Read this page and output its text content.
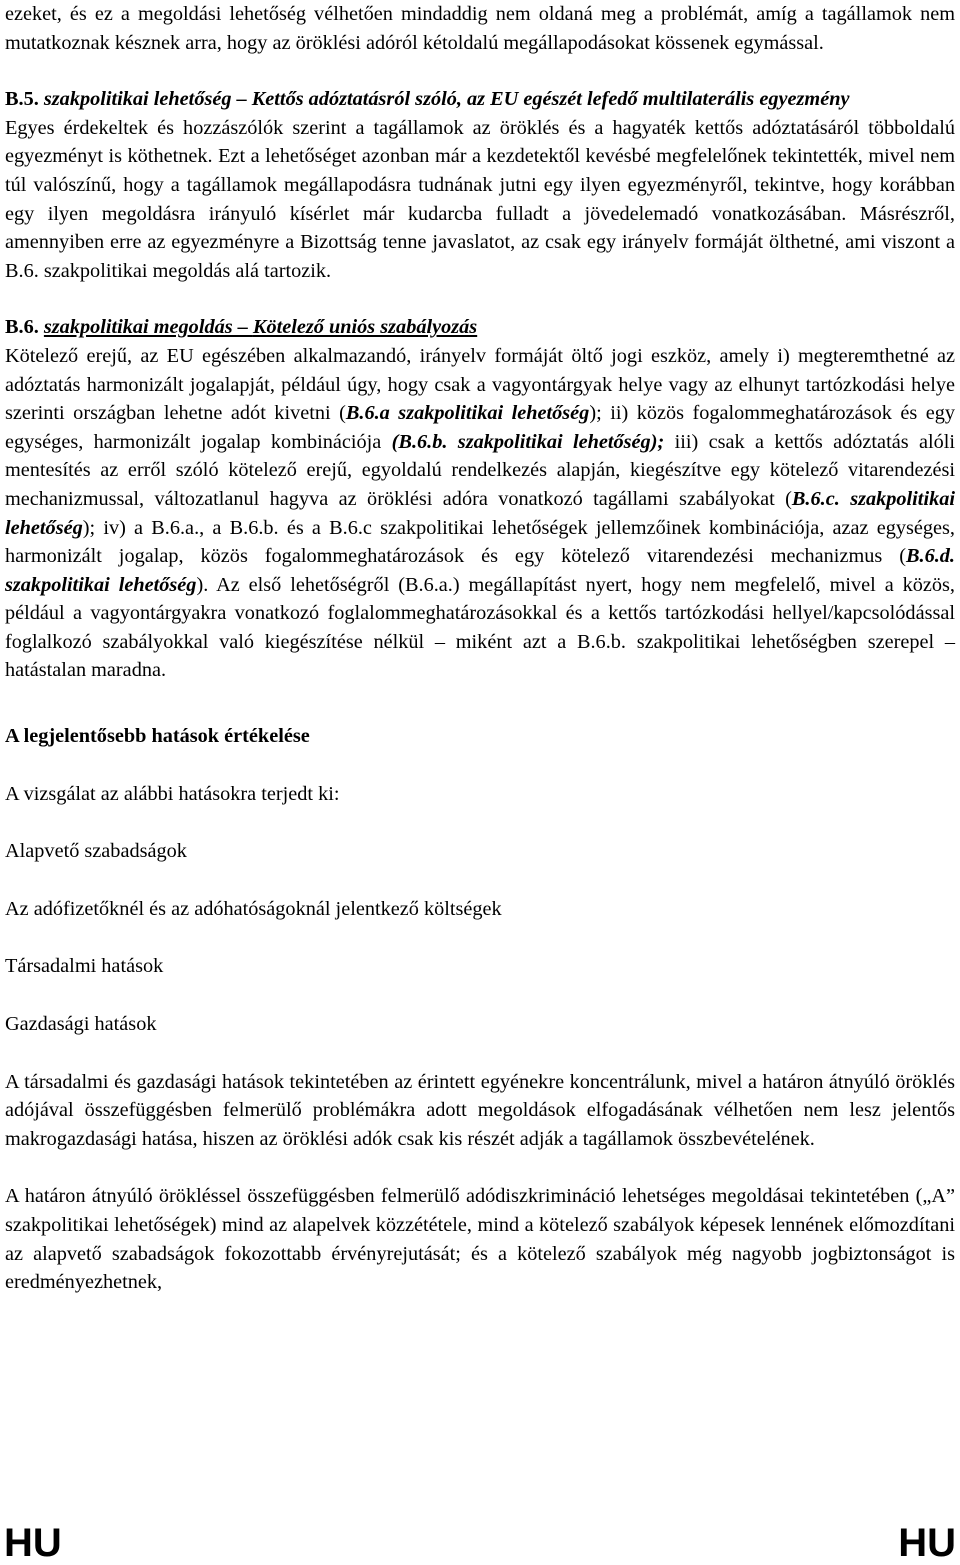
ezeket, és ez a megoldási lehetőség vélhetően mindaddig nem oldaná meg a problémát, amíg a tagállamok nem mutatkoznak késznek arra, hogy az öröklési adóról kétoldalú megállapodásokat kössenek egymással.

B.5. szakpolitikai lehetőség – Kettős adóztatásról szóló, az EU egészét lefedő multilaterális egyezmény

Egyes érdekeltek és hozzászólók szerint a tagállamok az öröklés és a hagyaték kettős adóztatásáról többoldalú egyezményt is köthetnek. Ezt a lehetőséget azonban már a kezdetektől kevésbé megfelelőnek tekintették, mivel nem túl valószínű, hogy a tagállamok megállapodásra tudnának jutni egy ilyen egyezményről, tekintve, hogy korábban egy ilyen megoldásra irányuló kísérlet már kudarcba fulladt a jövedelemadó vonatkozásában. Másrészről, amennyiben erre az egyezményre a Bizottság tenne javaslatot, az csak egy irányelv formáját ölthetné, ami viszont a B.6. szakpolitikai megoldás alá tartozik.

B.6. szakpolitikai megoldás – Kötelező uniós szabályozás

Kötelező erejű, az EU egészében alkalmazandó, irányelv formáját öltő jogi eszköz, amely i) megteremthetné az adóztatás harmonizált jogalapját, például úgy, hogy csak a vagyontárgyak helye vagy az elhunyt tartózkodási helye szerinti országban lehetne adót kivetni (B.6.a szakpolitikai lehetőség); ii) közös fogalommeghatározások és egy egységes, harmonizált jogalap kombinációja (B.6.b. szakpolitikai lehetőség); iii) csak a kettős adóztatás alóli mentesítés az erről szóló kötelező erejű, egyoldalú rendelkezés alapján, kiegészítve egy kötelező vitarendezési mechanizmussal, változatlanul hagyva az öröklési adóra vonatkozó tagállami szabályokat (B.6.c. szakpolitikai lehetőség); iv) a B.6.a., a B.6.b. és a B.6.c szakpolitikai lehetőségek jellemzőinek kombinációja, azaz egységes, harmonizált jogalap, közös fogalommeghatározások és egy kötelező vitarendezési mechanizmus (B.6.d. szakpolitikai lehetőség). Az első lehetőségről (B.6.a.) megállapítást nyert, hogy nem megfelelő, mivel a közös, például a vagyontárgyakra vonatkozó foglalommeghatározásokkal és a kettős tartózkodási hellyel/kapcsolódással foglalkozó szabályokkal való kiegészítése nélkül – miként azt a B.6.b. szakpolitikai lehetőségben szerepel – hatástalan maradna.

A legjelentősebb hatások értékelése

A vizsgálat az alábbi hatásokra terjedt ki:

Alapvető szabadságok

Az adófizetőknél és az adóhatóságoknál jelentkező költségek

Társadalmi hatások

Gazdasági hatások

A társadalmi és gazdasági hatások tekintetében az érintett egyénekre koncentrálunk, mivel a határon átnyúló öröklés adójával összefüggésben felmerülő problémákra adott megoldások elfogadásának vélhetően nem lesz jelentős makrogazdasági hatása, hiszen az öröklési adók csak kis részét adják a tagállamok összbevételének.

A határon átnyúló örökléssel összefüggésben felmerülő adódiszkrimináció lehetséges megoldásai tekintetében („A” szakpolitikai lehetőségek) mind az alapelvek közzététele, mind a kötelező szabályok képesek lennének előmozdítani az alapvető szabadságok fokozottabb érvényrejutását; és a kötelező szabályok még nagyobb jogbiztonságot is eredményezhetnek,

HU	HU
